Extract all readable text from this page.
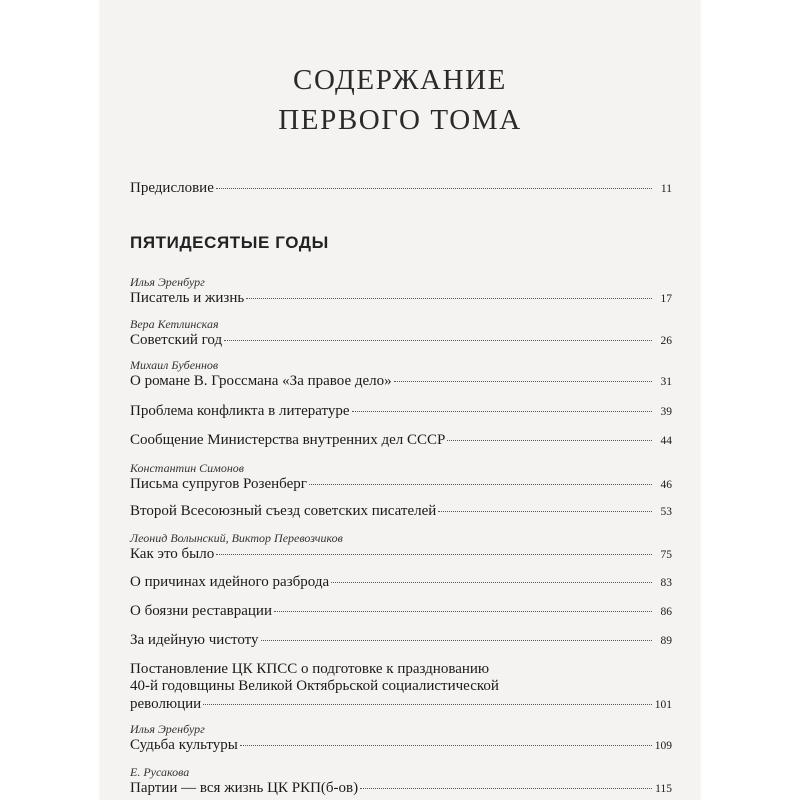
СОДЕРЖАНИЕ
ПЕРВОГО ТОМА
Предисловие	11
ПЯТИДЕСЯТЫЕ ГОДЫ
Илья Эренбург
Писатель и жизнь	17
Вера Кетлинская
Советский год	26
Михаил Бубеннов
О романе В. Гроссмана «За правое дело»	31
Проблема конфликта в литературе	39
Сообщение Министерства внутренних дел СССР	44
Константин Симонов
Письма супругов Розенберг	46
Второй Всесоюзный съезд советских писателей	53
Леонид Волынский, Виктор Перевозчиков
Как это было	75
О причинах идейного разброда	83
О боязни реставрации	86
За идейную чистоту	89
Постановление ЦК КПСС о подготовке к празднованию
40-й годовщины Великой Октябрьской социалистической
революции	101
Илья Эренбург
Судьба культуры	109
Е. Русакова
Партии — вся жизнь ЦК РКП(б-ов)	115
